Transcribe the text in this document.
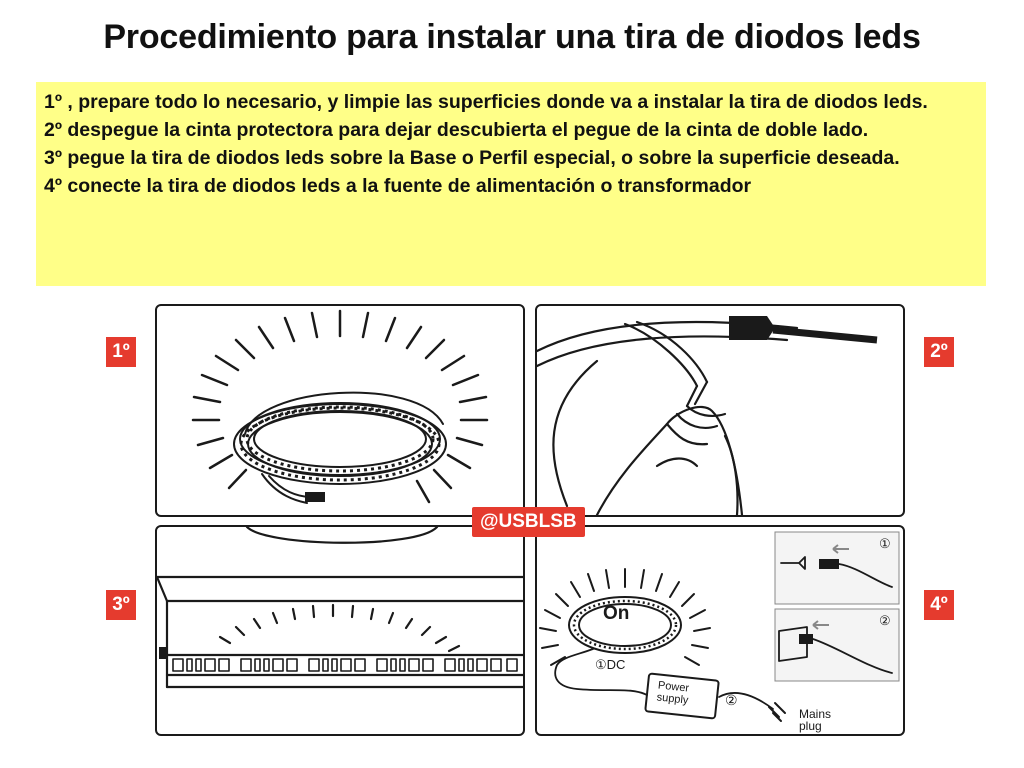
Procedimiento para instalar una tira de diodos leds

1º , prepare todo lo necesario, y limpie las superficies donde va a instalar la tira de diodos leds.

2º despegue la cinta protectora para dejar descubierta el pegue de la cinta de doble lado.

3º pegue la tira de diodos leds sobre la Base o Perfil especial, o sobre la superficie deseada.

4º conecte la tira de diodos leds a la fuente de alimentación o transformador

1º	2º
3º	4º
On
①DC
Power
supply	②
Mains
plug
①
②
@USBLSB
